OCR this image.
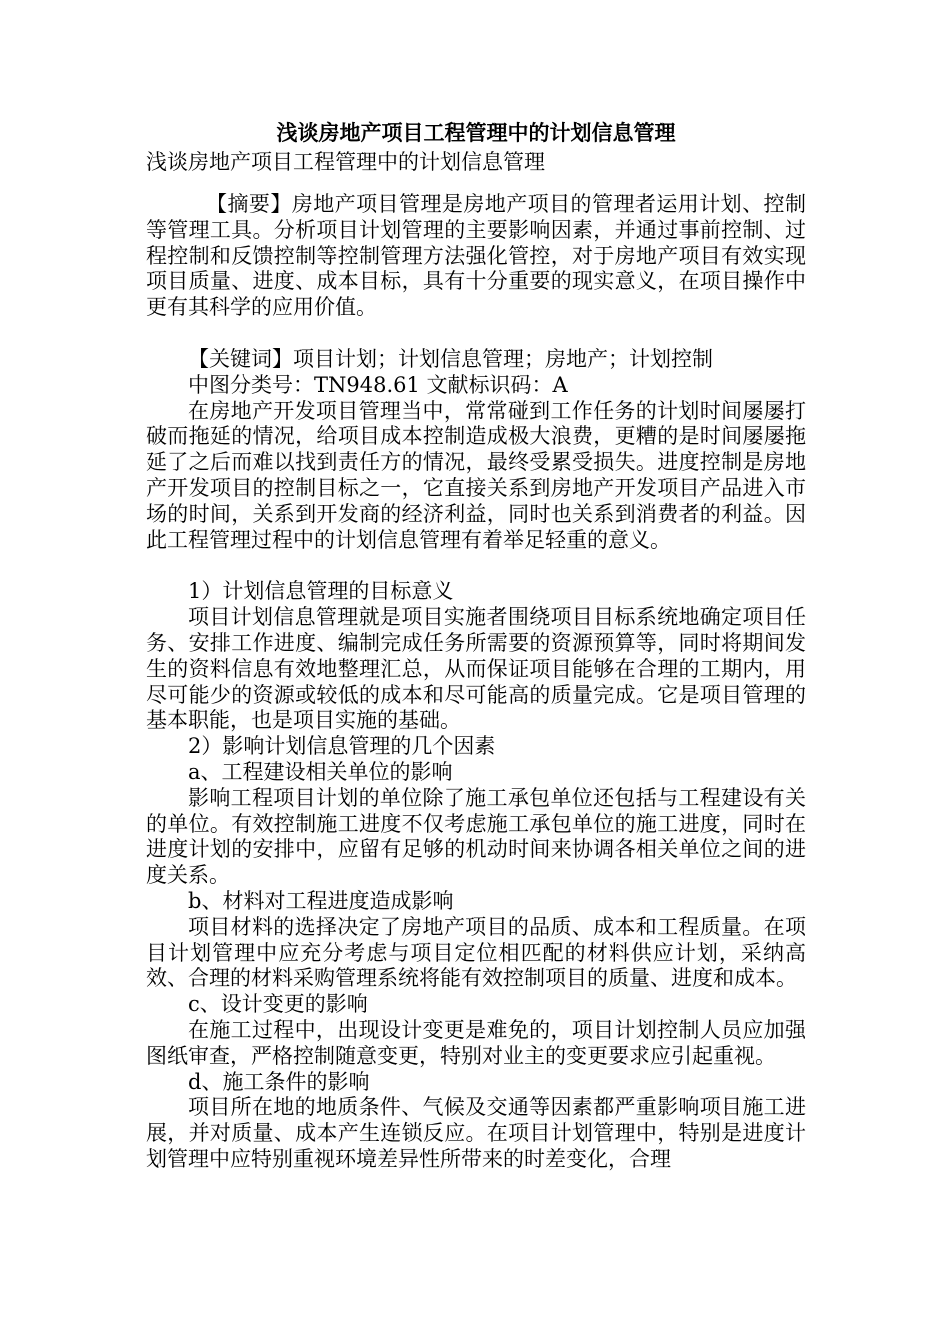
浅谈房地产项目工程管理中的计划信息管理
浅谈房地产项目工程管理中的计划信息管理

【摘要】房地产项目管理是房地产项目的管理者运用计划、控制等管理工具。分析项目计划管理的主要影响因素，并通过事前控制、过程控制和反馈控制等控制管理方法强化管控，对于房地产项目有效实现项目质量、进度、成本目标，具有十分重要的现实意义，在项目操作中更有其科学的应用价值。

【关键词】项目计划；计划信息管理；房地产；计划控制

中图分类号：TN948.61 文献标识码：A

在房地产开发项目管理当中，常常碰到工作任务的计划时间屡屡打破而拖延的情况，给项目成本控制造成极大浪费，更糟的是时间屡屡拖延了之后而难以找到责任方的情况，最终受累受损失。进度控制是房地产开发项目的控制目标之一，它直接关系到房地产开发项目产品进入市场的时间，关系到开发商的经济利益，同时也关系到消费者的利益。因此工程管理过程中的计划信息管理有着举足轻重的意义。

1）计划信息管理的目标意义

项目计划信息管理就是项目实施者围绕项目目标系统地确定项目任务、安排工作进度、编制完成任务所需要的资源预算等，同时将期间发生的资料信息有效地整理汇总，从而保证项目能够在合理的工期内，用尽可能少的资源或较低的成本和尽可能高的质量完成。它是项目管理的基本职能，也是项目实施的基础。

2）影响计划信息管理的几个因素

a、工程建设相关单位的影响

影响工程项目计划的单位除了施工承包单位还包括与工程建设有关的单位。有效控制施工进度不仅考虑施工承包单位的施工进度，同时在进度计划的安排中，应留有足够的机动时间来协调各相关单位之间的进度关系。

b、材料对工程进度造成影响

项目材料的选择决定了房地产项目的品质、成本和工程质量。在项目计划管理中应充分考虑与项目定位相匹配的材料供应计划，采纳高效、合理的材料采购管理系统将能有效控制项目的质量、进度和成本。

c、设计变更的影响

在施工过程中，出现设计变更是难免的，项目计划控制人员应加强图纸审查，严格控制随意变更，特别对业主的变更要求应引起重视。

d、施工条件的影响

项目所在地的地质条件、气候及交通等因素都严重影响项目施工进展，并对质量、成本产生连锁反应。在项目计划管理中，特别是进度计划管理中应特别重视环境差异性所带来的时差变化，合理
